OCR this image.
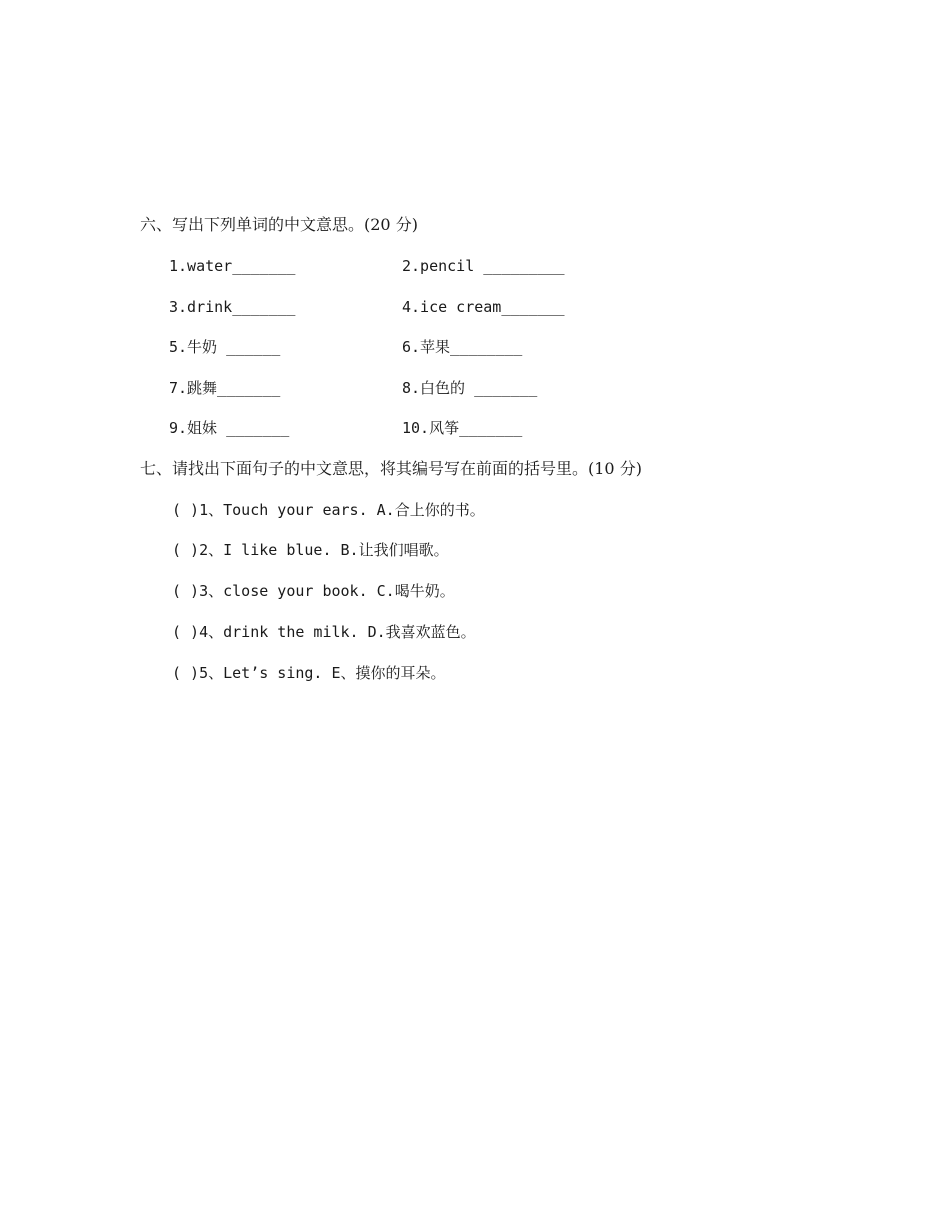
六、写出下列单词的中文意思。(20 分)
1.water_______	2.pencil _________
3.drink_______	4.ice cream_______
5.牛奶 ______	6.苹果________
7.跳舞_______	8.白色的 _______
9.姐妹 _______	10.风筝_______
七、请找出下面句子的中文意思，将其编号写在前面的括号里。(10 分)
( )1、Touch your ears. A.合上你的书。
( )2、I like blue. B.让我们唱歌。
( )3、close your book. C.喝牛奶。
( )4、drink the milk. D.我喜欢蓝色。
( )5、Let’s sing. E、摸你的耳朵。
